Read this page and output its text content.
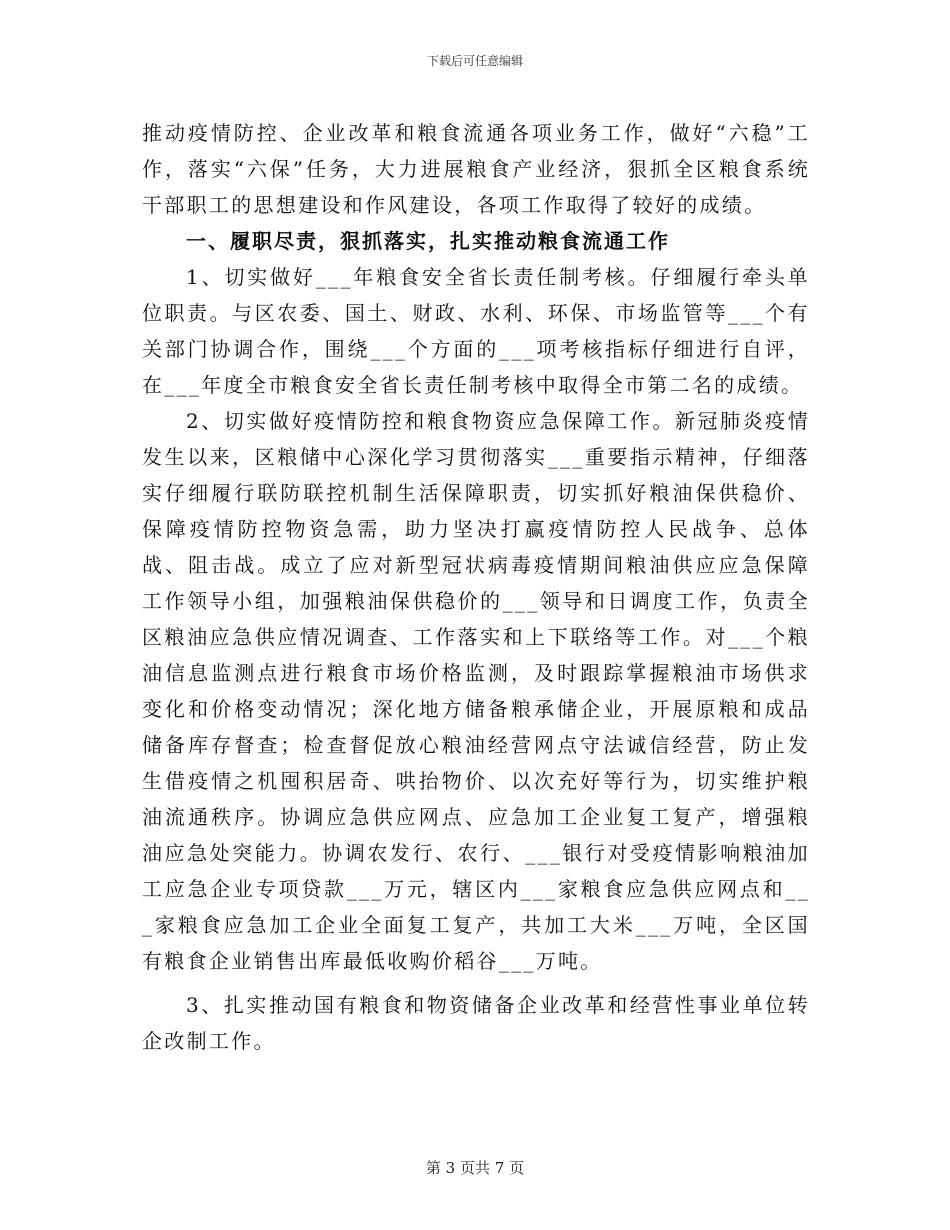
下载后可任意编辑

推动疫情防控、企业改革和粮食流通各项业务工作，做好“六稳”工作，落实“六保”任务，大力进展粮食产业经济，狠抓全区粮食系统干部职工的思想建设和作风建设，各项工作取得了较好的成绩。

一、履职尽责，狠抓落实，扎实推动粮食流通工作

1、切实做好___年粮食安全省长责任制考核。仔细履行牵头单位职责。与区农委、国土、财政、水利、环保、市场监管等___个有关部门协调合作，围绕___个方面的___项考核指标仔细进行自评，在___年度全市粮食安全省长责任制考核中取得全市第二名的成绩。

2、切实做好疫情防控和粮食物资应急保障工作。新冠肺炎疫情发生以来，区粮储中心深化学习贯彻落实___重要指示精神，仔细落实仔细履行联防联控机制生活保障职责，切实抓好粮油保供稳价、保障疫情防控物资急需，助力坚决打赢疫情防控人民战争、总体战、阻击战。成立了应对新型冠状病毒疫情期间粮油供应应急保障工作领导小组，加强粮油保供稳价的___领导和日调度工作，负责全区粮油应急供应情况调查、工作落实和上下联络等工作。对___个粮油信息监测点进行粮食市场价格监测，及时跟踪掌握粮油市场供求变化和价格变动情况；深化地方储备粮承储企业，开展原粮和成品储备库存督查；检查督促放心粮油经营网点守法诚信经营，防止发生借疫情之机囤积居奇、哄抬物价、以次充好等行为，切实维护粮油流通秩序。协调应急供应网点、应急加工企业复工复产，增强粮油应急处突能力。协调农发行、农行、___银行对受疫情影响粮油加工应急企业专项贷款___万元，辖区内___家粮食应急供应网点和___家粮食应急加工企业全面复工复产，共加工大米___万吨，全区国有粮食企业销售出库最低收购价稻谷___万吨。

3、扎实推动国有粮食和物资储备企业改革和经营性事业单位转企改制工作。

第 3 页共 7 页
